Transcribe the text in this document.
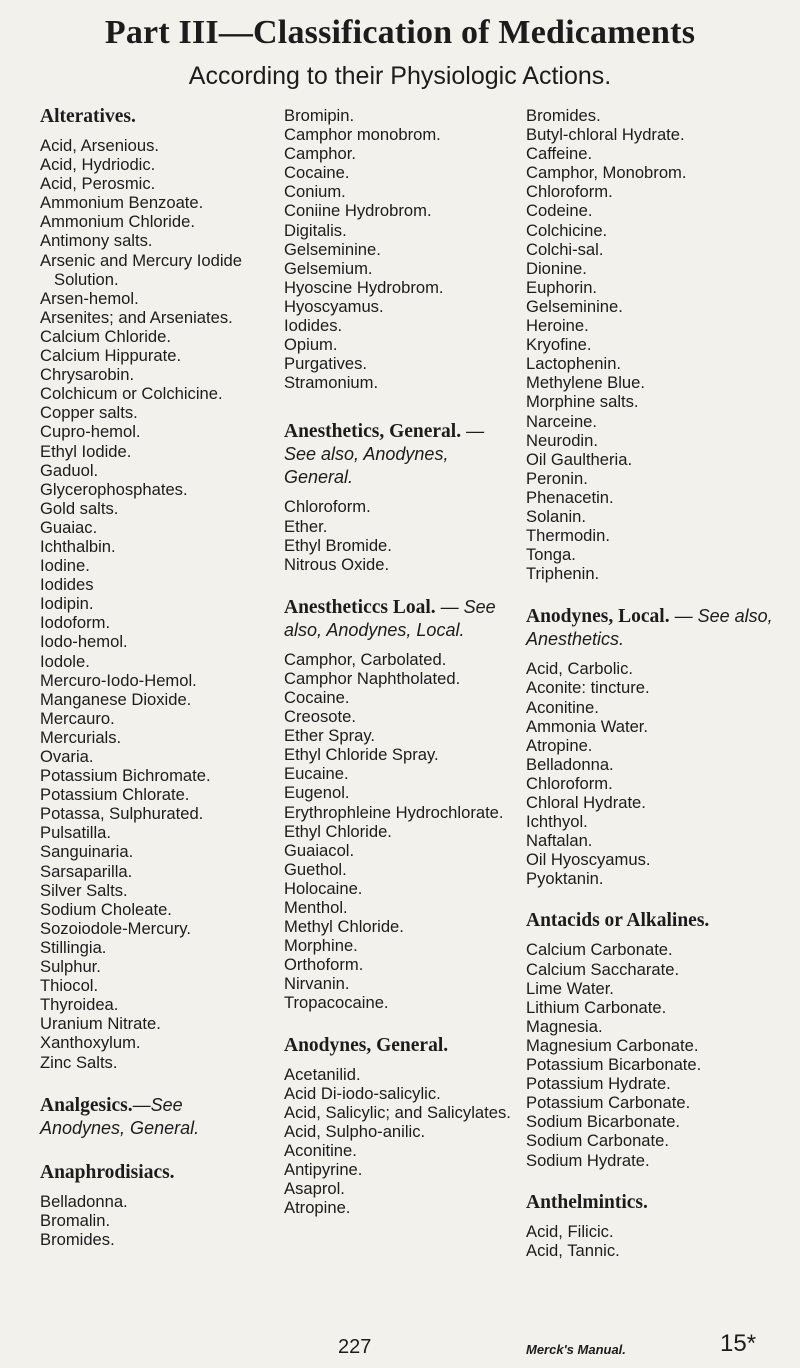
Part III—Classification of Medicaments

According to their Physiologic Actions.

Alteratives.
Acid, Arsenious.
Acid, Hydriodic.
Acid, Perosmic.
Ammonium Benzoate.
Ammonium Chloride.
Antimony salts.
Arsenic and Mercury Iodide Solution.
Arsen-hemol.
Arsenites; and Arseniates.
Calcium Chloride.
Calcium Hippurate.
Chrysarobin.
Colchicum or Colchicine.
Copper salts.
Cupro-hemol.
Ethyl Iodide.
Gaduol.
Glycerophosphates.
Gold salts.
Guaiac.
Ichthalbin.
Iodine.
Iodides
Iodipin.
Iodoform.
Iodo-hemol.
Iodole.
Mercuro-Iodo-Hemol.
Manganese Dioxide.
Mercauro.
Mercurials.
Ovaria.
Potassium Bichromate.
Potassium Chlorate.
Potassa, Sulphurated.
Pulsatilla.
Sanguinaria.
Sarsaparilla.
Silver Salts.
Sodium Choleate.
Sozoiodole-Mercury.
Stillingia.
Sulphur.
Thiocol.
Thyroidea.
Uranium Nitrate.
Xanthoxylum.
Zinc Salts.
Analgesics.—See Anodynes, General.
Anaphrodisiacs.
Belladonna.
Bromalin.
Bromides.
Bromipin.
Camphor monobrom.
Camphor.
Cocaine.
Conium.
Coniine Hydrobrom.
Digitalis.
Gelseminine.
Gelsemium.
Hyoscine Hydrobrom.
Hyoscyamus.
Iodides.
Opium.
Purgatives.
Stramonium.
Anesthetics, General. — See also, Anodynes, General.
Chloroform.
Ether.
Ethyl Bromide.
Nitrous Oxide.
Anestheticcs Loal. — See also, Anodynes, Local.
Camphor, Carbolated.
Camphor Naphtholated.
Cocaine.
Creosote.
Ether Spray.
Ethyl Chloride Spray.
Eucaine.
Eugenol.
Erythrophleine Hydrochlorate.
Ethyl Chloride.
Guaiacol.
Guethol.
Holocaine.
Menthol.
Methyl Chloride.
Morphine.
Orthoform.
Nirvanin.
Tropacocaine.
Anodynes, General.
Acetanilid.
Acid Di-iodo-salicylic.
Acid, Salicylic; and Salicylates.
Acid, Sulpho-anilic.
Aconitine.
Antipyrine.
Asaprol.
Atropine.
Bromides.
Butyl-chloral Hydrate.
Caffeine.
Camphor, Monobrom.
Chloroform.
Codeine.
Colchicine.
Colchi-sal.
Dionine.
Euphorin.
Gelseminine.
Heroine.
Kryofine.
Lactophenin.
Methylene Blue.
Morphine salts.
Narceine.
Neurodin.
Oil Gaultheria.
Peronin.
Phenacetin.
Solanin.
Thermodin.
Tonga.
Triphenin.
Anodynes, Local. — See also, Anesthetics.
Acid, Carbolic.
Aconite: tincture.
Aconitine.
Ammonia Water.
Atropine.
Belladonna.
Chloroform.
Chloral Hydrate.
Ichthyol.
Naftalan.
Oil Hyoscyamus.
Pyoktanin.
Antacids or Alkalines.
Calcium Carbonate.
Calcium Saccharate.
Lime Water.
Lithium Carbonate.
Magnesia.
Magnesium Carbonate.
Potassium Bicarbonate.
Potassium Hydrate.
Potassium Carbonate.
Sodium Bicarbonate.
Sodium Carbonate.
Sodium Hydrate.
Anthelmintics.
Acid, Filicic.
Acid, Tannic.
227	Merck's Manual.	15*
